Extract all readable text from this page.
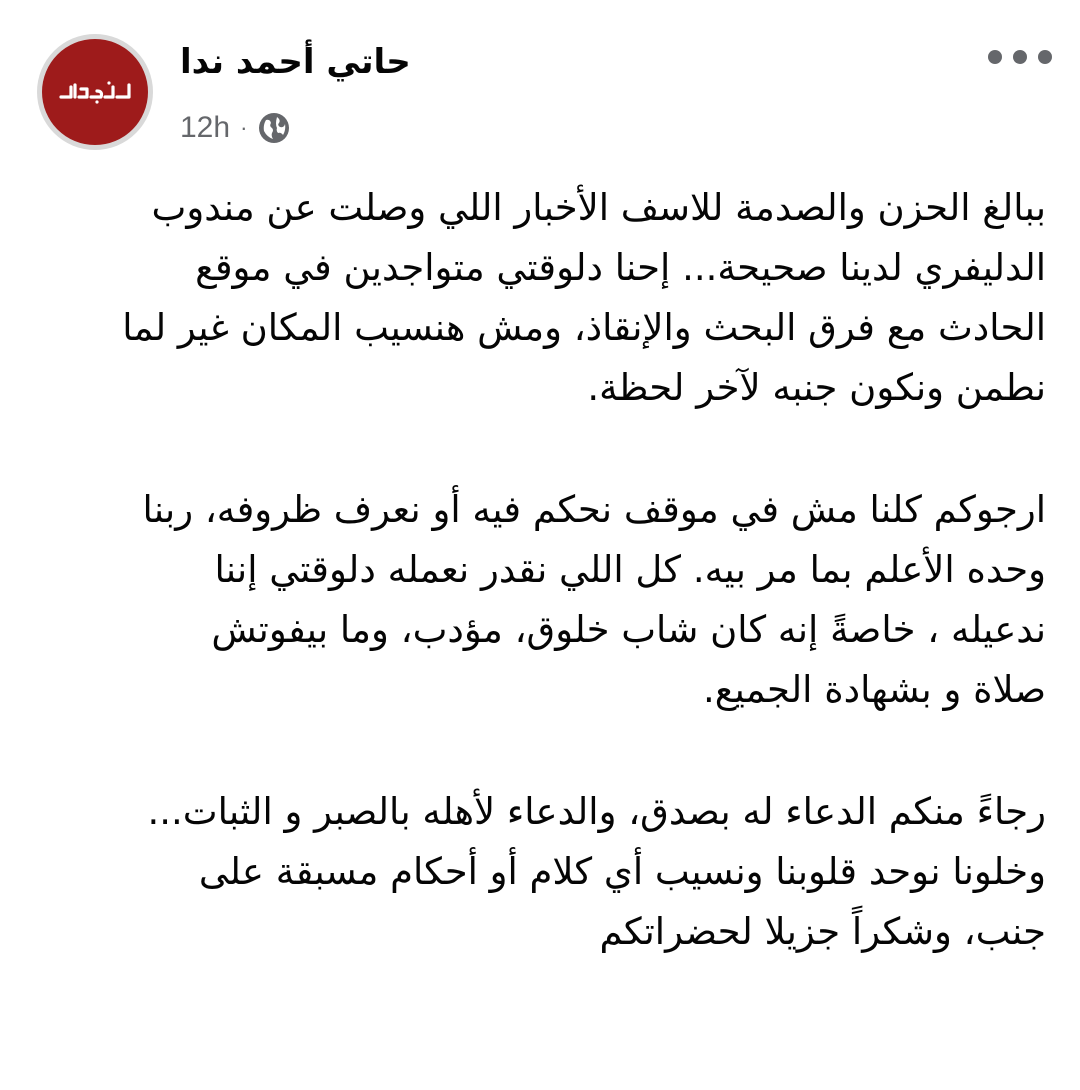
حاتي أحمد ندا
12h ·
ببالغ الحزن والصدمة للاسف الأخبار اللي وصلت عن مندوب
الدليفري لدينا صحيحة... إحنا دلوقتي متواجدين في موقع
الحادث مع فرق البحث والإنقاذ، ومش هنسيب المكان غير لما
نطمن ونكون جنبه لآخر لحظة.
ارجوكم كلنا مش في موقف نحكم فيه أو نعرف ظروفه، ربنا
وحده الأعلم بما مر بيه. كل اللي نقدر نعمله دلوقتي إننا
ندعيله ، خاصةً إنه كان شاب خلوق، مؤدب، وما بيفوتش
صلاة و بشهادة الجميع.
رجاءً منكم الدعاء له بصدق، والدعاء لأهله بالصبر و الثبات...
وخلونا نوحد قلوبنا ونسيب أي كلام أو أحكام مسبقة على
جنب، وشكراً جزيلا لحضراتكم
